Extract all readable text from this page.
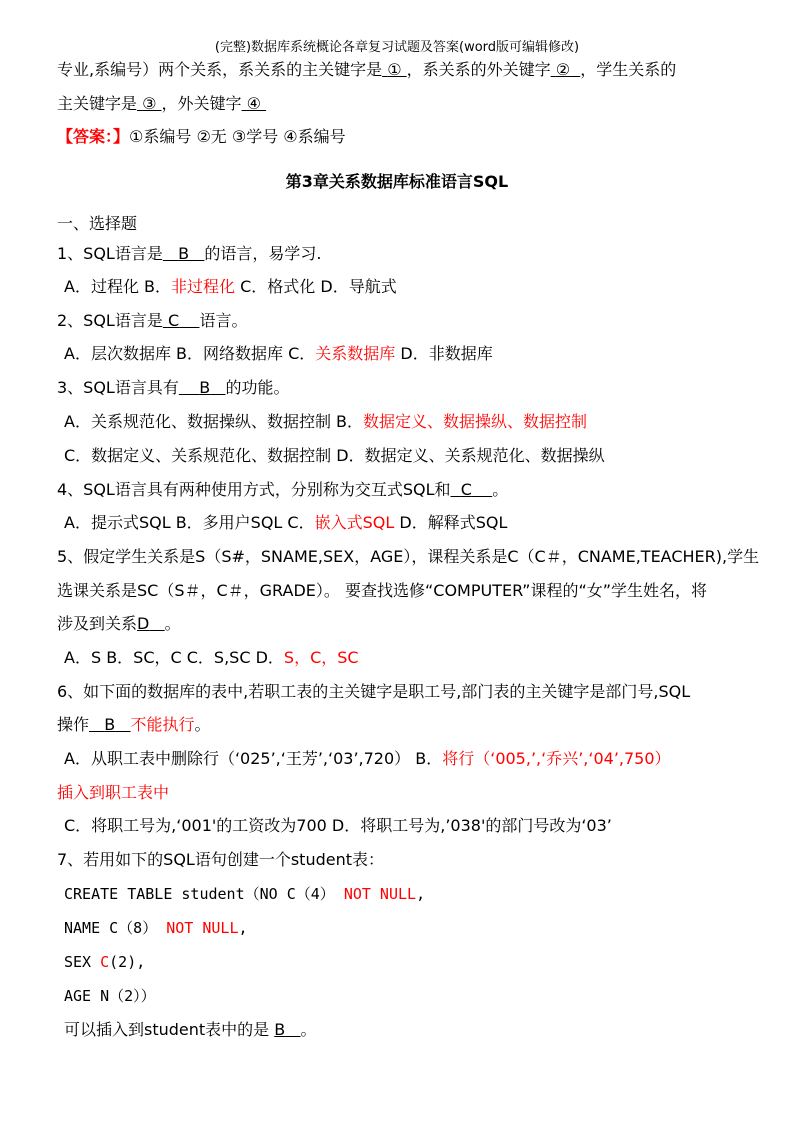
(完整)数据库系统概论各章复习试题及答案(word版可编辑修改)
专业,系编号）两个关系，系关系的主关键字是 ① ，系关系的外关键字 ② ，学生关系的
主关键字是 ③ ，外关键字 ④
【答案：】①系编号 ②无 ③学号 ④系编号
第3章关系数据库标准语言SQL
一、选择题
1、SQL语言是 B 的语言，易学习.
A．过程化 B．非过程化 C．格式化 D．导航式
2、SQL语言是 C 语言。
A．层次数据库 B．网络数据库 C．关系数据库 D．非数据库
3、SQL语言具有 B 的功能。
A．关系规范化、数据操纵、数据控制 B．数据定义、数据操纵、数据控制
C．数据定义、关系规范化、数据控制 D．数据定义、关系规范化、数据操纵
4、SQL语言具有两种使用方式，分别称为交互式SQL和 C 。
A．提示式SQL B．多用户SQL C．嵌入式SQL D．解释式SQL
5、假定学生关系是S（S#，SNAME,SEX，AGE），课程关系是C（C＃，CNAME,TEACHER),学生
选课关系是SC（S＃，C＃，GRADE）。 要查找选修“COMPUTER”课程的“女”学生姓名，将
涉及到关系D 。
A．S B．SC，C C．S,SC D．S，C，SC
6、如下面的数据库的表中,若职工表的主关键字是职工号,部门表的主关键字是部门号,SQL
操作 B 不能执行。
A．从职工表中删除行（‘025’,‘王芳’,‘03’,720） B．将行（‘005,’,‘乔兴’,‘04’,750）
插入到职工表中
C．将职工号为,‘001'的工资改为700 D．将职工号为,’038'的部门号改为‘03’
7、若用如下的SQL语句创建一个student表：
CREATE TABLE student（NO C（4） NOT NULL,
NAME C（8） NOT NULL,
SEX C(2),
AGE N（2））
可以插入到student表中的是 B 。
